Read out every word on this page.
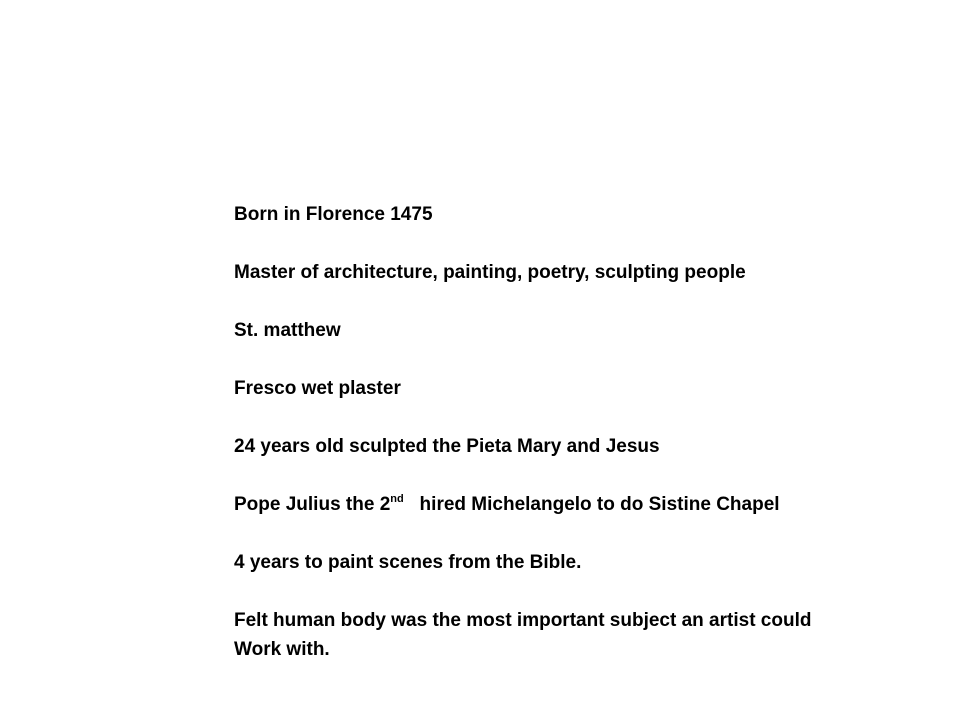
Born in Florence 1475

Master of architecture, painting, poetry, sculpting people

St. matthew

Fresco wet plaster

24 years old sculpted the Pieta Mary and Jesus

Pope Julius the 2nd   hired Michelangelo to do Sistine Chapel

4 years to paint scenes from the Bible.

Felt human body was the most important subject an artist could
Work with.
